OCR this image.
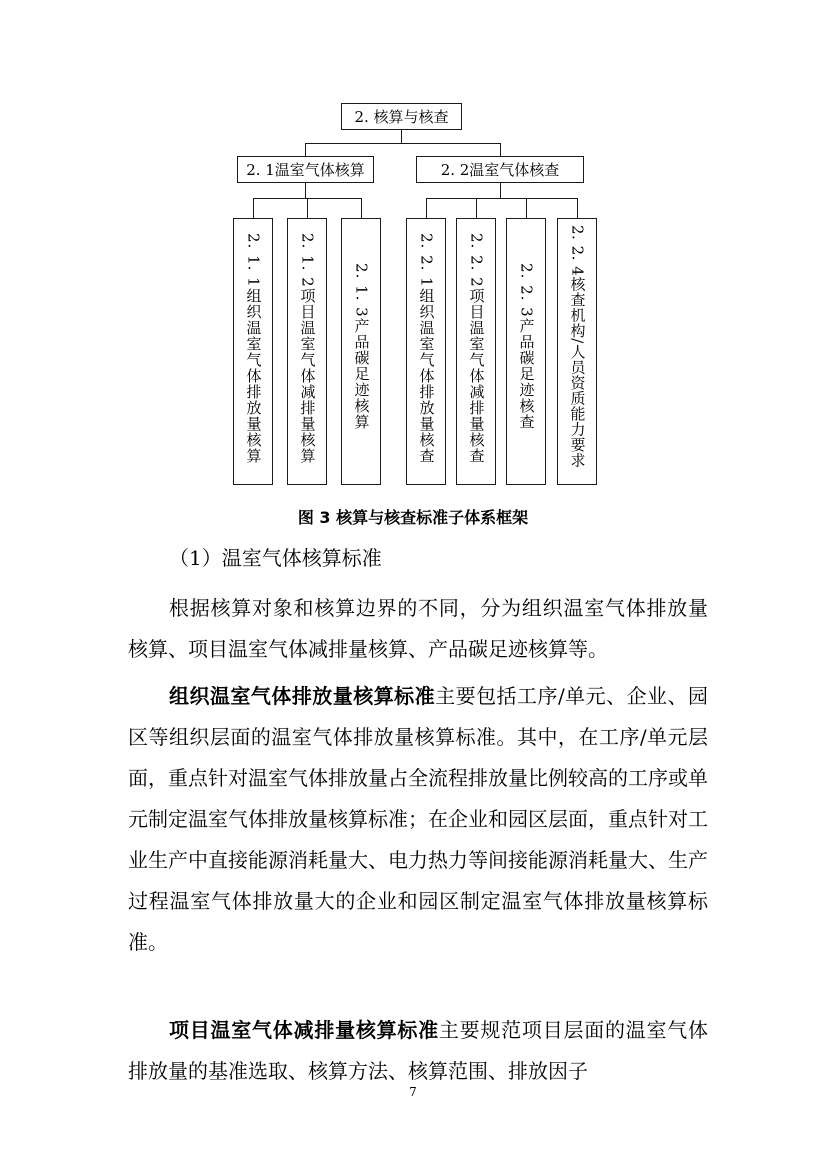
2. 核算与核查
2. 1温室气体核算	2. 2温室气体核查
2. 1. 1组织温室气体排放量核算 2. 1. 2项目温室气体减排量核算 2. 1. 3产品碳足迹核算	2. 2. 1组织温室气体排放量核查 2. 2. 2项目温室气体减排量核查 2. 2. 3产品碳足迹核查 2. 2. 4核查机构/人员资质能力要求
图 3 核算与核查标准子体系框架
（1）温室气体核算标准
根据核算对象和核算边界的不同，分为组织温室气体排放量核算、项目温室气体减排量核算、产品碳足迹核算等。
组织温室气体排放量核算标准主要包括工序/单元、企业、园区等组织层面的温室气体排放量核算标准。其中，在工序/单元层面，重点针对温室气体排放量占全流程排放量比例较高的工序或单元制定温室气体排放量核算标准；在企业和园区层面，重点针对工业生产中直接能源消耗量大、电力热力等间接能源消耗量大、生产过程温室气体排放量大的企业和园区制定温室气体排放量核算标准。
项目温室气体减排量核算标准主要规范项目层面的温室气体排放量的基准选取、核算方法、核算范围、排放因子
7
